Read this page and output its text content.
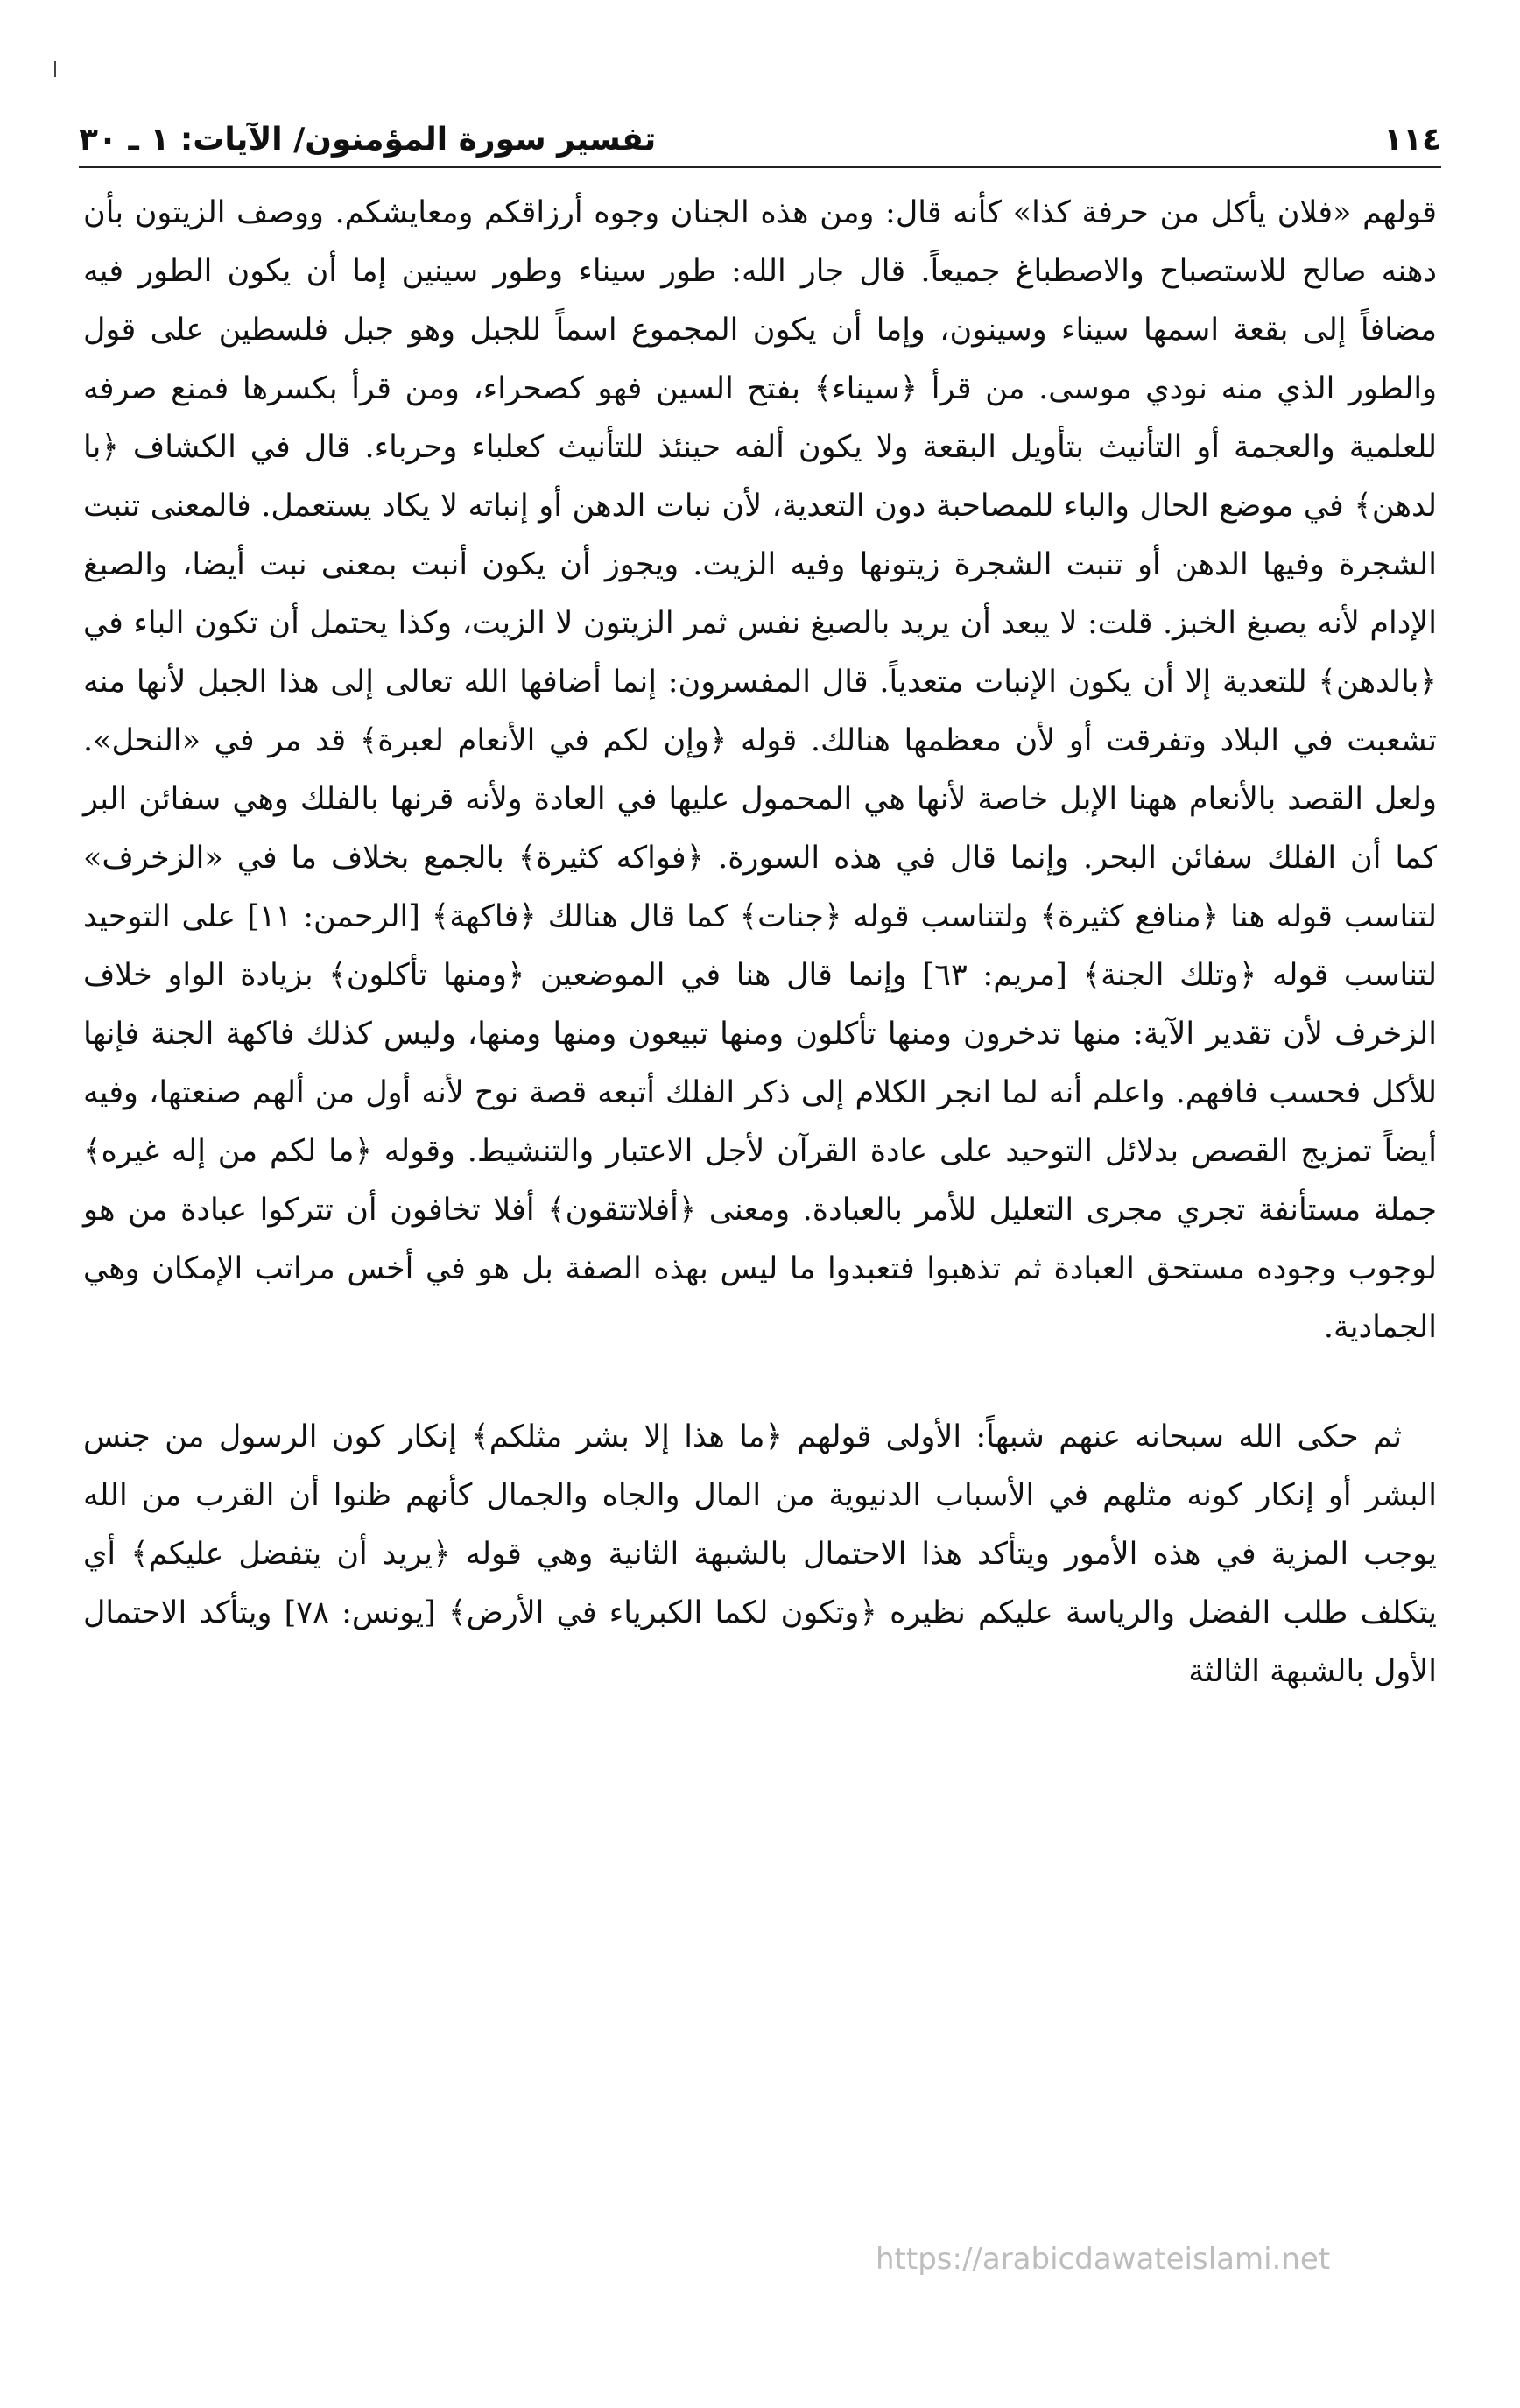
١١٤
تفسير سورة المؤمنون/ الآيات: ١ ـ ٣٠

قولهم «فلان يأكل من حرفة كذا» كأنه قال: ومن هذه الجنان وجوه أرزاقكم ومعايشكم. ووصف الزيتون بأن دهنه صالح للاستصباح والاصطباغ جميعاً. قال جار الله: طور سيناء وطور سينين إما أن يكون الطور فيه مضافاً إلى بقعة اسمها سيناء وسينون، وإما أن يكون المجموع اسماً للجبل وهو جبل فلسطين على قول والطور الذي منه نودي موسى. من قرأ ﴿سيناء﴾ بفتح السين فهو كصحراء، ومن قرأ بكسرها فمنع صرفه للعلمية والعجمة أو التأنيث بتأويل البقعة ولا يكون ألفه حينئذ للتأنيث كعلباء وحرباء. قال في الكشاف ﴿با لدهن﴾ في موضع الحال والباء للمصاحبة دون التعدية، لأن نبات الدهن أو إنباته لا يكاد يستعمل. فالمعنى تنبت الشجرة وفيها الدهن أو تنبت الشجرة زيتونها وفيه الزيت. ويجوز أن يكون أنبت بمعنى نبت أيضا، والصبغ الإدام لأنه يصبغ الخبز. قلت: لا يبعد أن يريد بالصبغ نفس ثمر الزيتون لا الزيت، وكذا يحتمل أن تكون الباء في ﴿بالدهن﴾ للتعدية إلا أن يكون الإنبات متعدياً. قال المفسرون: إنما أضافها الله تعالى إلى هذا الجبل لأنها منه تشعبت في البلاد وتفرقت أو لأن معظمها هنالك. قوله ﴿وإن لكم في الأنعام لعبرة﴾ قد مر في «النحل». ولعل القصد بالأنعام ههنا الإبل خاصة لأنها هي المحمول عليها في العادة ولأنه قرنها بالفلك وهي سفائن البر كما أن الفلك سفائن البحر. وإنما قال في هذه السورة. ﴿فواكه كثيرة﴾ بالجمع بخلاف ما في «الزخرف» لتناسب قوله هنا ﴿منافع كثيرة﴾ ولتناسب قوله ﴿جنات﴾ كما قال هنالك ﴿فاكهة﴾ [الرحمن: ١١] على التوحيد لتناسب قوله ﴿وتلك الجنة﴾ [مريم: ٦٣] وإنما قال هنا في الموضعين ﴿ومنها تأكلون﴾ بزيادة الواو خلاف الزخرف لأن تقدير الآية: منها تدخرون ومنها تأكلون ومنها تبيعون ومنها ومنها، وليس كذلك فاكهة الجنة فإنها للأكل فحسب فافهم. واعلم أنه لما انجر الكلام إلى ذكر الفلك أتبعه قصة نوح لأنه أول من ألهم صنعتها، وفيه أيضاً تمزيج القصص بدلائل التوحيد على عادة القرآن لأجل الاعتبار والتنشيط. وقوله ﴿ما لكم من إله غيره﴾ جملة مستأنفة تجري مجرى التعليل للأمر بالعبادة. ومعنى ﴿أفلاتتقون﴾ أفلا تخافون أن تتركوا عبادة من هو لوجوب وجوده مستحق العبادة ثم تذهبوا فتعبدوا ما ليس بهذه الصفة بل هو في أخس مراتب الإمكان وهي الجمادية.

ثم حكى الله سبحانه عنهم شبهاً: الأولى قولهم ﴿ما هذا إلا بشر مثلكم﴾ إنكار كون الرسول من جنس البشر أو إنكار كونه مثلهم في الأسباب الدنيوية من المال والجاه والجمال كأنهم ظنوا أن القرب من الله يوجب المزية في هذه الأمور ويتأكد هذا الاحتمال بالشبهة الثانية وهي قوله ﴿يريد أن يتفضل عليكم﴾ أي يتكلف طلب الفضل والرياسة عليكم نظيره ﴿وتكون لكما الكبرياء في الأرض﴾ [يونس: ٧٨] ويتأكد الاحتمال الأول بالشبهة الثالثة

https://arabicdawateislami.net
